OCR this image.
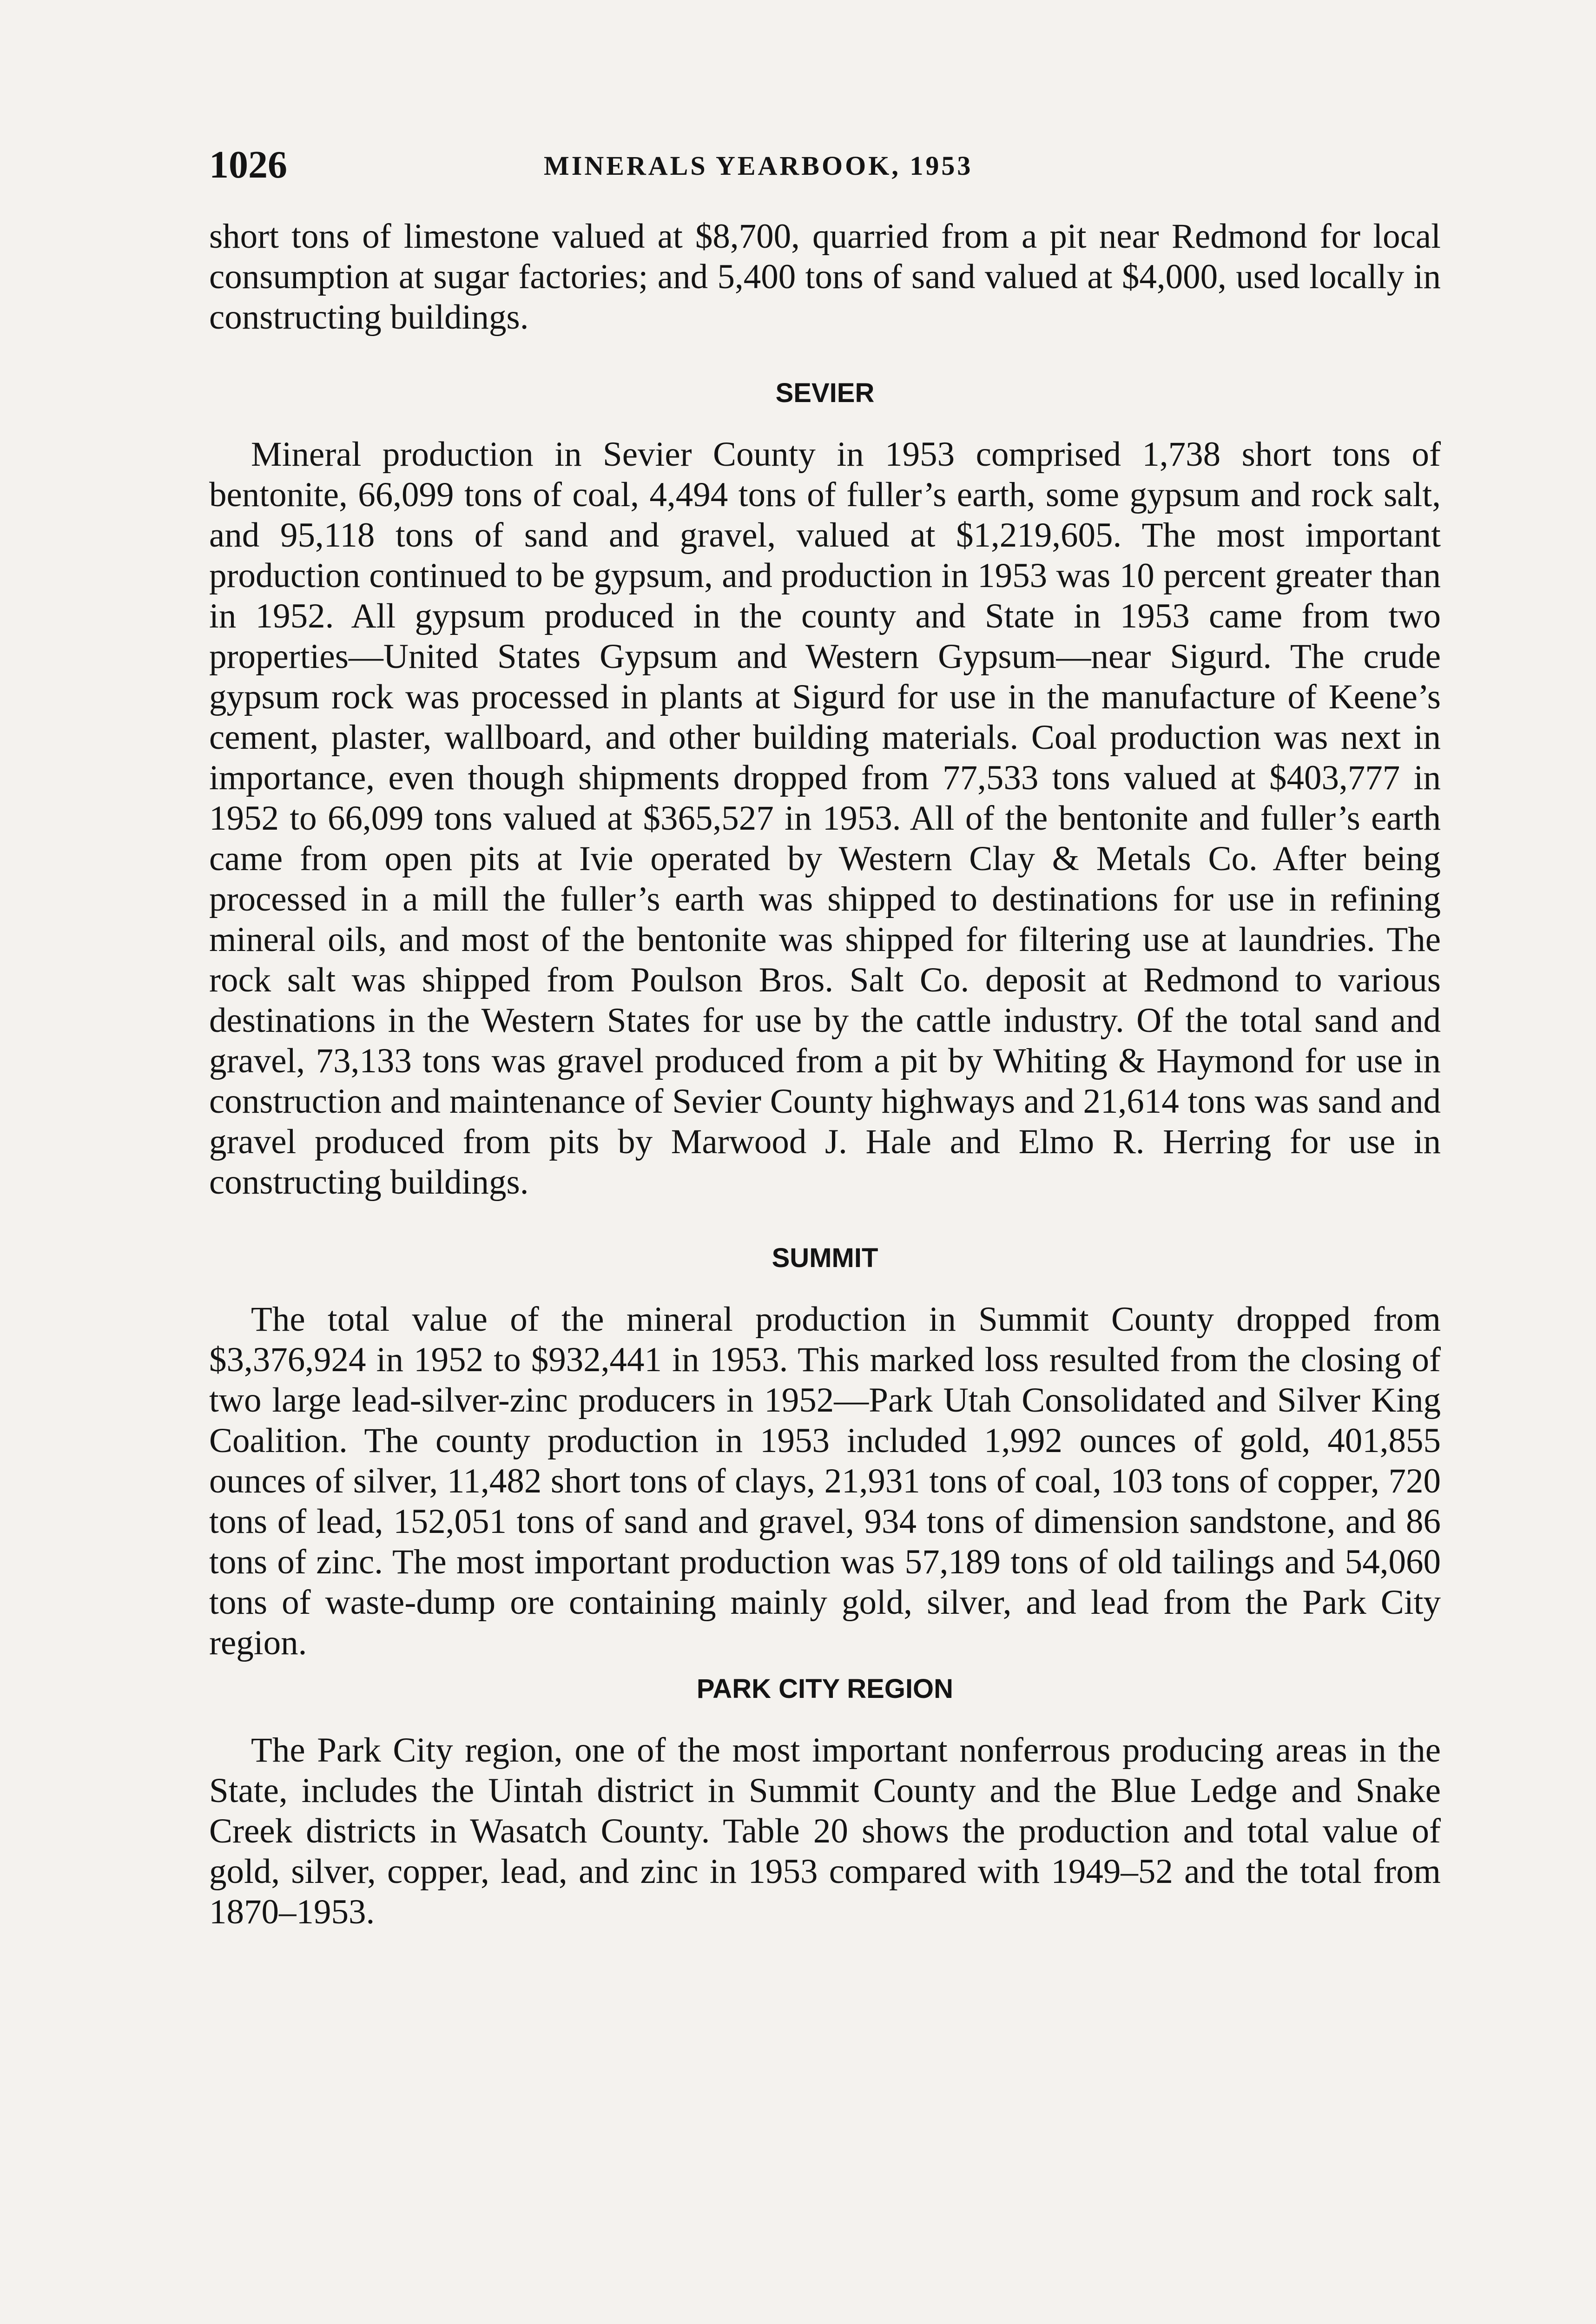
1026	MINERALS YEARBOOK, 1953

short tons of limestone valued at $8,700, quarried from a pit near Redmond for local consumption at sugar factories; and 5,400 tons of sand valued at $4,000, used locally in constructing buildings.

SEVIER

Mineral production in Sevier County in 1953 comprised 1,738 short tons of bentonite, 66,099 tons of coal, 4,494 tons of fuller’s earth, some gypsum and rock salt, and 95,118 tons of sand and gravel, valued at $1,219,605. The most important production continued to be gypsum, and production in 1953 was 10 percent greater than in 1952. All gypsum produced in the county and State in 1953 came from two properties—United States Gypsum and Western Gypsum—near Sigurd. The crude gypsum rock was processed in plants at Sigurd for use in the manufacture of Keene’s cement, plaster, wallboard, and other building materials. Coal production was next in importance, even though shipments dropped from 77,533 tons valued at $403,777 in 1952 to 66,099 tons valued at $365,527 in 1953. All of the bentonite and fuller’s earth came from open pits at Ivie operated by Western Clay & Metals Co. After being processed in a mill the fuller’s earth was shipped to destinations for use in refining mineral oils, and most of the bentonite was shipped for filtering use at laundries. The rock salt was shipped from Poulson Bros. Salt Co. deposit at Redmond to various destinations in the Western States for use by the cattle industry. Of the total sand and gravel, 73,133 tons was gravel produced from a pit by Whiting & Haymond for use in construction and maintenance of Sevier County highways and 21,614 tons was sand and gravel produced from pits by Marwood J. Hale and Elmo R. Herring for use in constructing buildings.

SUMMIT

The total value of the mineral production in Summit County dropped from $3,376,924 in 1952 to $932,441 in 1953. This marked loss resulted from the closing of two large lead-silver-zinc producers in 1952—Park Utah Consolidated and Silver King Coalition. The county production in 1953 included 1,992 ounces of gold, 401,855 ounces of silver, 11,482 short tons of clays, 21,931 tons of coal, 103 tons of copper, 720 tons of lead, 152,051 tons of sand and gravel, 934 tons of dimension sandstone, and 86 tons of zinc. The most important production was 57,189 tons of old tailings and 54,060 tons of waste-dump ore containing mainly gold, silver, and lead from the Park City region.

PARK CITY REGION

The Park City region, one of the most important nonferrous producing areas in the State, includes the Uintah district in Summit County and the Blue Ledge and Snake Creek districts in Wasatch County. Table 20 shows the production and total value of gold, silver, copper, lead, and zinc in 1953 compared with 1949–52 and the total from 1870–1953.
